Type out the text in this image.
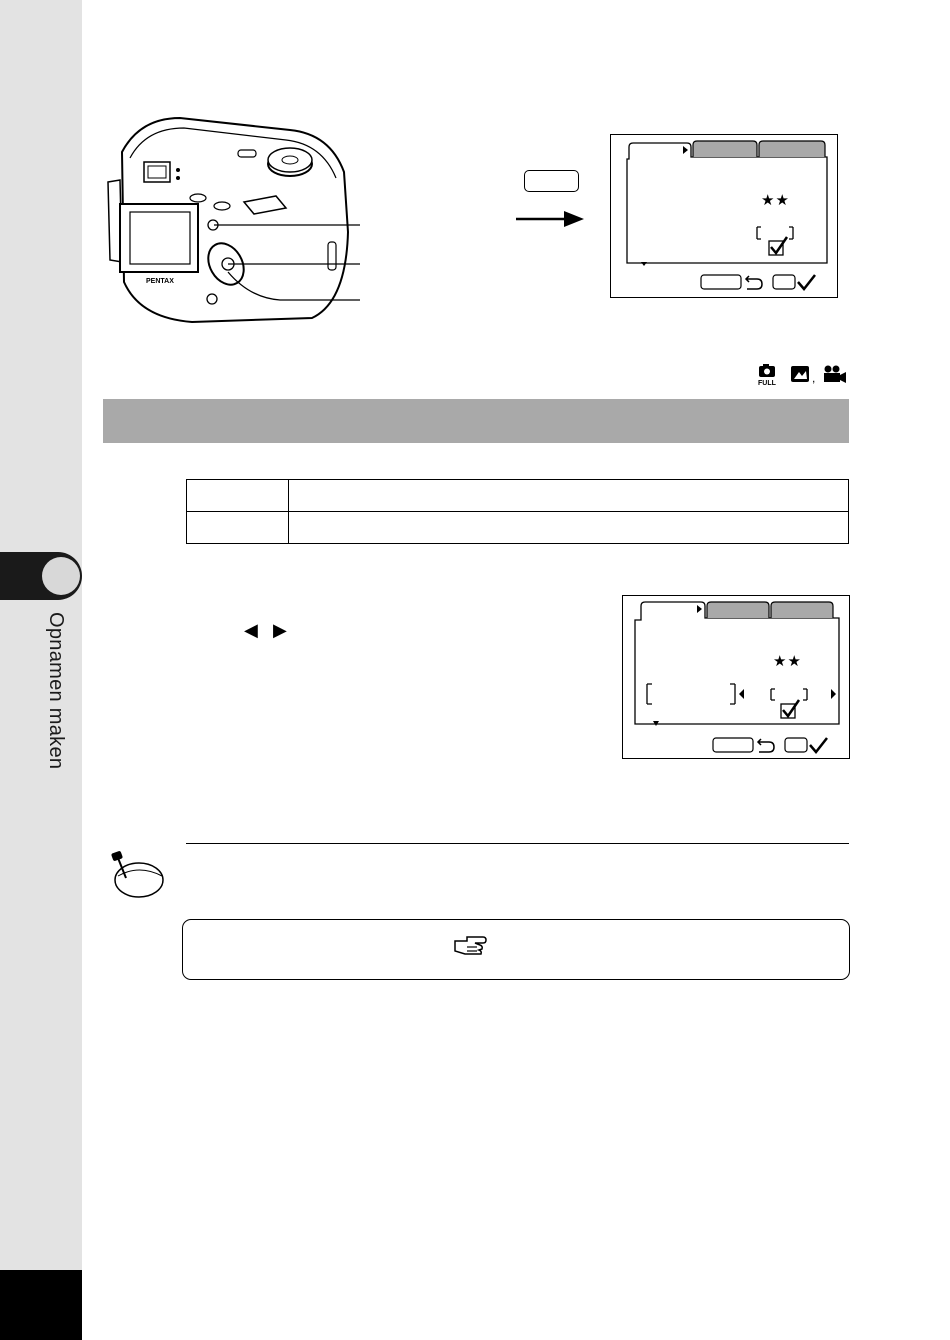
Opnamen maken
PENTAX
★★
FULL	,

◀ ▶
★★
